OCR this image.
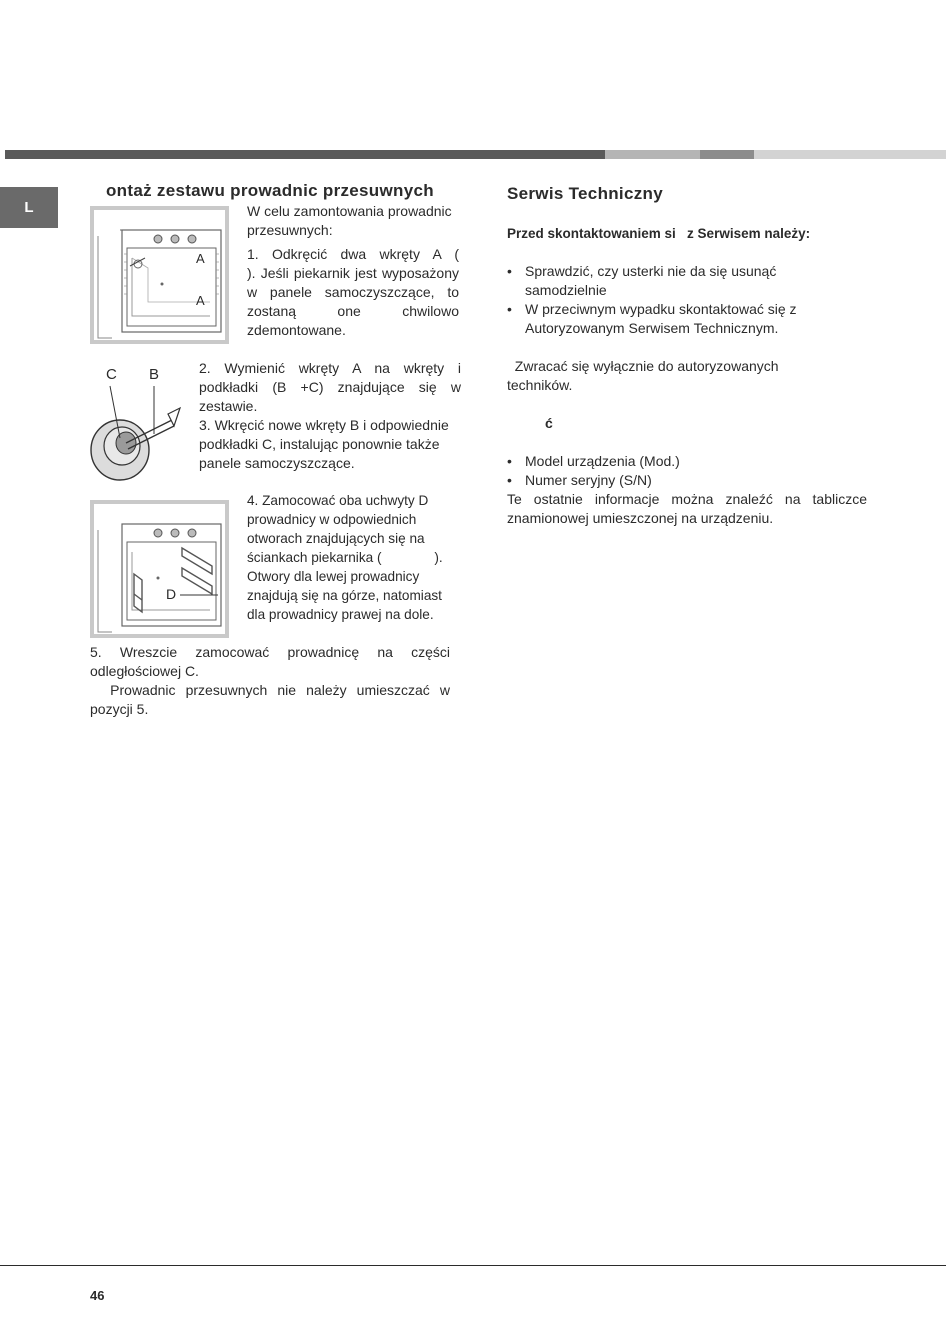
L
ontaż zestawu prowadnic przesuwnych
A
A

W celu zamontowania prowadnic przesuwnych:

1. Odkręcić dwa wkręty A (              ). Jeśli piekarnik jest wyposażony w panele samoczyszczące, to zostaną one chwilowo zdemontowane.

C B	2. Wymienić wkręty A na wkręty i podkładki (B +C) znajdujące się w zestawie.

3. Wkręcić nowe wkręty B i odpowiednie podkładki C, instalując ponownie także panele samoczyszczące.

D

4. Zamocować oba uchwyty D prowadnicy w odpowiednich otworach znajdujących się na ściankach piekarnika (              ). Otwory dla lewej prowadnicy znajdują się na górze, natomiast dla prowadnicy prawej na dole.

5. Wreszcie zamocować prowadnicę na części odległościowej C.

Prowadnic przesuwnych nie należy umieszczać w pozycji 5.

Serwis Techniczny

Przed skontaktowaniem si   z Serwisem należy:

• Sprawdzić, czy usterki nie da się usunąć samodzielnie

• W przeciwnym wypadku skontaktować się z Autoryzowanym Serwisem Technicznym.

Zwracać się wyłącznie do autoryzowanych techników.

ć

• Model urządzenia (Mod.)

• Numer seryjny (S/N)

Te ostatnie informacje można znaleźć na tabliczce znamionowej umieszczonej na urządzeniu.

46
